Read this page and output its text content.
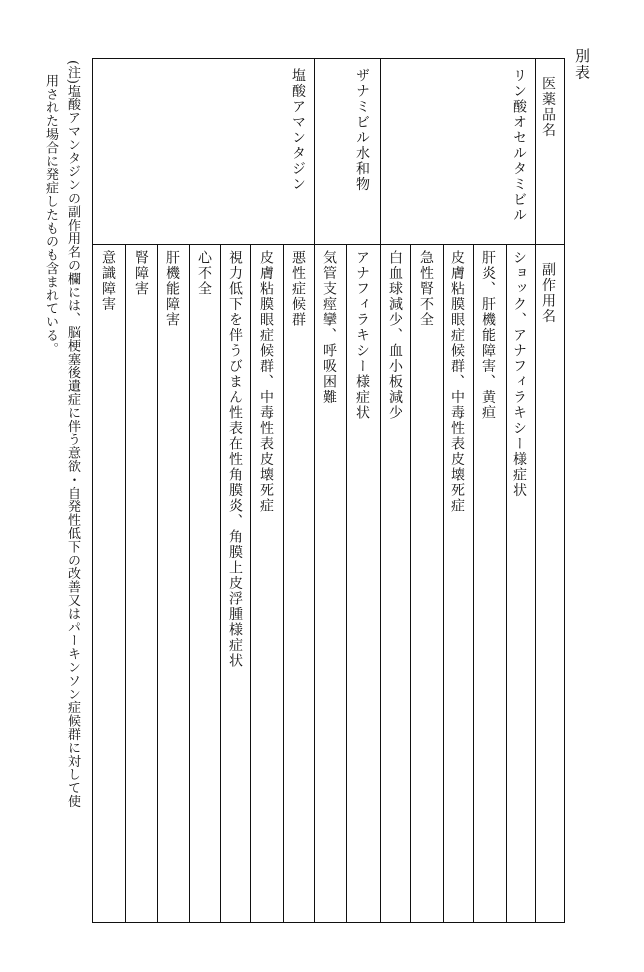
別表
医薬品名
副作用名
リン酸オセルタミビル
ショック、アナフィラキシー様症状
肝炎、肝機能障害、黄疸
皮膚粘膜眼症候群、中毒性表皮壊死症
急性腎不全
白血球減少、血小板減少
ザナミビル水和物
アナフィラキシー様症状
気管支痙攣、呼吸困難
塩酸アマンタジン
悪性症候群
皮膚粘膜眼症候群、中毒性表皮壊死症
視力低下を伴うびまん性表在性角膜炎、角膜上皮浮腫様症状
心不全
肝機能障害
腎障害
意識障害
(注)塩酸アマンタジンの副作用名の欄には、脳梗塞後遺症に伴う意欲・自発性低下の改善又はパーキンソン症候群に対して使
用された場合に発症したものも含まれている。
